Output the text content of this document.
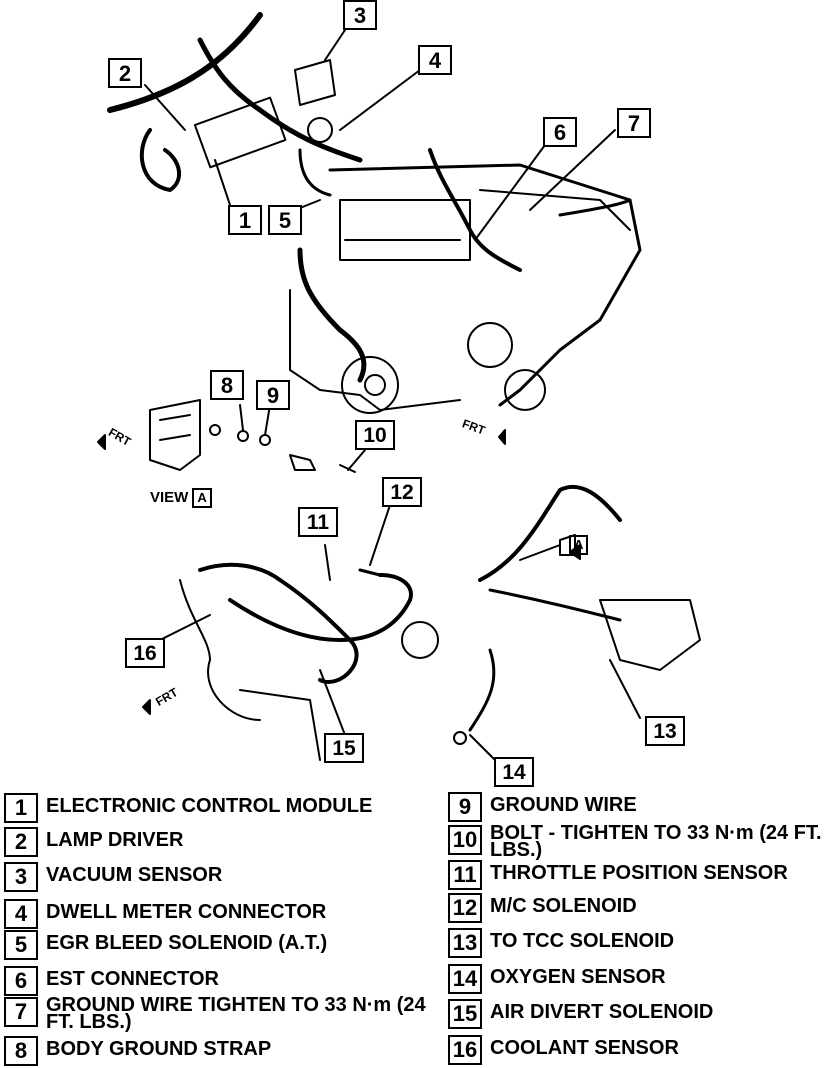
1
2
3
4
5
6	7
8	9
10
11
12
13
14
15
16
VIEW A
A
FRT	FRT
FRT
1 ELECTRONIC CONTROL MODULE
2 LAMP DRIVER
3 VACUUM SENSOR
4 DWELL METER CONNECTOR
5 EGR BLEED SOLENOID (A.T.)
6 EST CONNECTOR
7 GROUND WIRE TIGHTEN TO 33 N·m (24 FT. LBS.)
8 BODY GROUND STRAP
9 GROUND WIRE
10 BOLT - TIGHTEN TO 33 N·m (24 FT. LBS.)
11 THROTTLE POSITION SENSOR
12 M/C SOLENOID
13 TO TCC SOLENOID
14 OXYGEN SENSOR
15 AIR DIVERT SOLENOID
16 COOLANT SENSOR
